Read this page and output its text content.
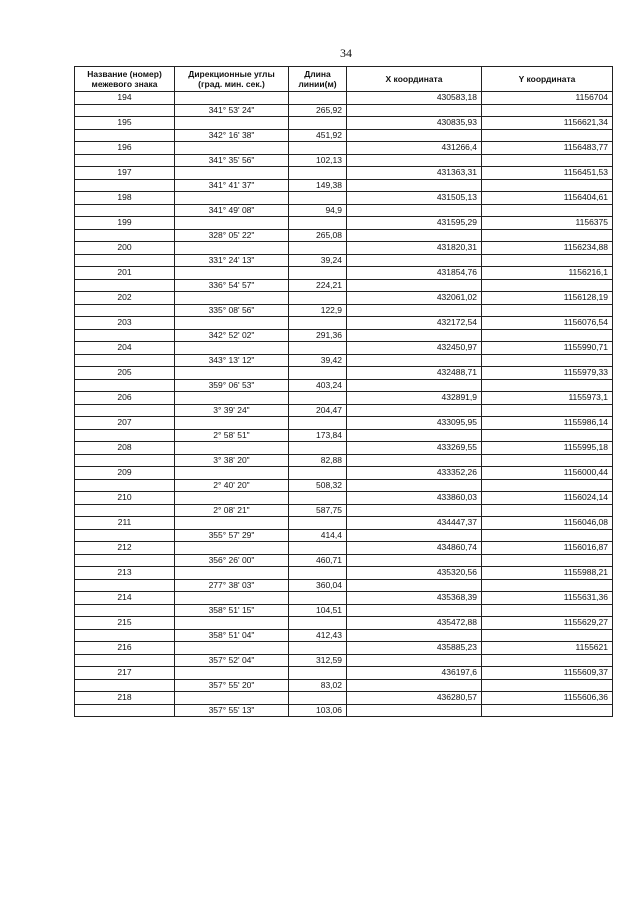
34
Название (номер) межевого знака	Дирекционные углы (град. мин. сек.)	Длина линии(м)	X координата	Y координата
194			430583,18	1156704
	341° 53' 24"	265,92		
195			430835,93	1156621,34
	342° 16' 38"	451,92		
196			431266,4	1156483,77
	341° 35' 56"	102,13		
197			431363,31	1156451,53
	341° 41' 37"	149,38		
198			431505,13	1156404,61
	341° 49' 08"	94,9		
199			431595,29	1156375
	328° 05' 22"	265,08		
200			431820,31	1156234,88
	331° 24' 13"	39,24		
201			431854,76	1156216,1
	336° 54' 57"	224,21		
202			432061,02	1156128,19
	335° 08' 56"	122,9		
203			432172,54	1156076,54
	342° 52' 02"	291,36		
204			432450,97	1155990,71
	343° 13' 12"	39,42		
205			432488,71	1155979,33
	359° 06' 53"	403,24		
206			432891,9	1155973,1
	3° 39' 24"	204,47		
207			433095,95	1155986,14
	2° 58' 51"	173,84		
208			433269,55	1155995,18
	3° 38' 20"	82,88		
209			433352,26	1156000,44
	2° 40' 20"	508,32		
210			433860,03	1156024,14
	2° 08' 21"	587,75		
211			434447,37	1156046,08
	355° 57' 29"	414,4		
212			434860,74	1156016,87
	356° 26' 00"	460,71		
213			435320,56	1155988,21
	277° 38' 03"	360,04		
214			435368,39	1155631,36
	358° 51' 15"	104,51		
215			435472,88	1155629,27
	358° 51' 04"	412,43		
216			435885,23	1155621
	357° 52' 04"	312,59		
217			436197,6	1155609,37
	357° 55' 20"	83,02		
218			436280,57	1155606,36
	357° 55' 13"	103,06		
